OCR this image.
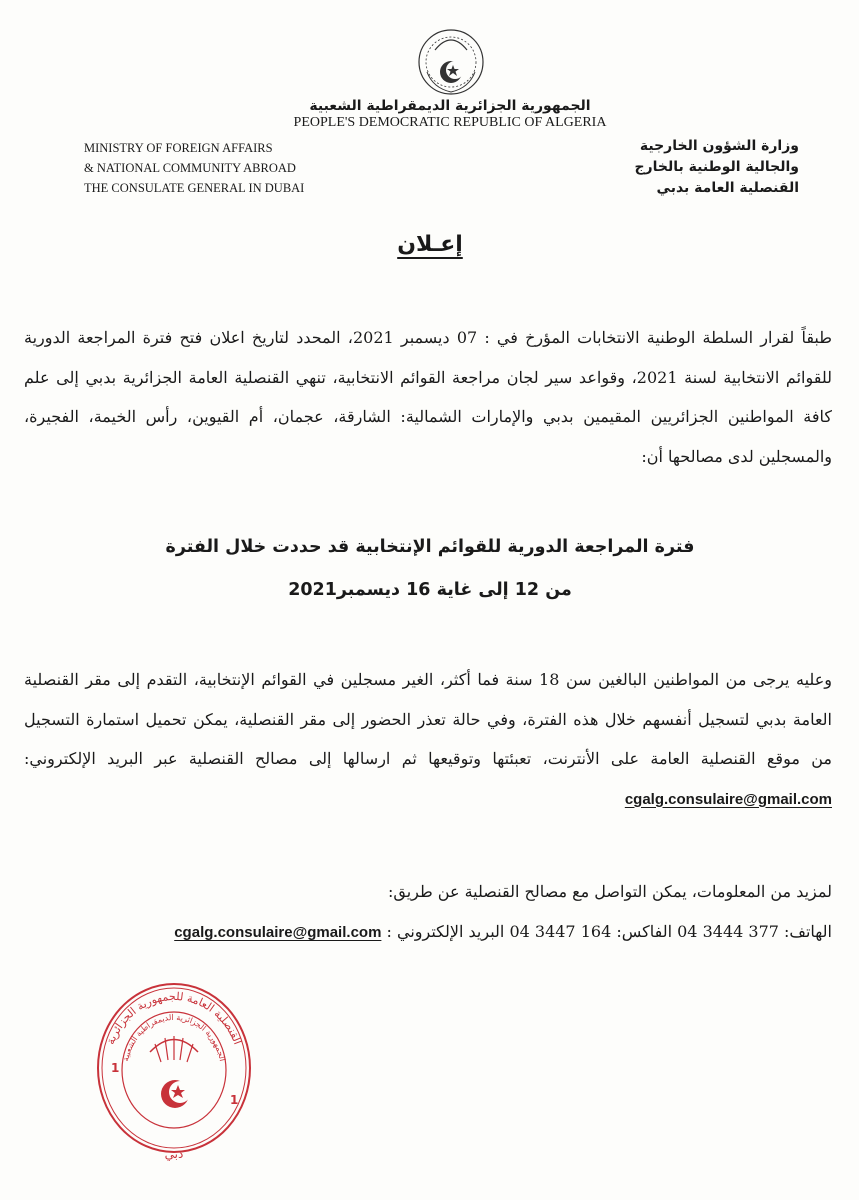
الجمهورية الجزائرية الديمقراطية الشعبية
PEOPLE'S DEMOCRATIC REPUBLIC OF ALGERIA
MINISTRY OF FOREIGN AFFAIRS
& NATIONAL COMMUNITY ABROAD
THE CONSULATE GENERAL IN DUBAI
وزارة الشؤون الخارجية
والجالية الوطنية بالخارج
القنصلية العامة بدبي
إعـلان
طبقاً لقرار السلطة الوطنية الانتخابات المؤرخ في : 07 ديسمبر 2021، المحدد لتاريخ اعلان فتح فترة المراجعة الدورية للقوائم الانتخابية لسنة 2021، وقواعد سير لجان مراجعة القوائم الانتخابية، تنهي القنصلية العامة الجزائرية بدبي إلى علم كافة المواطنين الجزائريين المقيمين بدبي والإمارات الشمالية: الشارقة، عجمان، أم القيوين، رأس الخيمة، الفجيرة، والمسجلين لدى مصالحها أن:
فترة المراجعة الدورية للقوائم الإنتخابية قد حددت خلال الفترة
من 12 إلى غاية 16 ديسمبر2021
وعليه يرجى من المواطنين البالغين سن 18 سنة فما أكثر، الغير مسجلين في القوائم الإنتخابية، التقدم إلى مقر القنصلية العامة بدبي لتسجيل أنفسهم خلال هذه الفترة، وفي حالة تعذر الحضور إلى مقر القنصلية، يمكن تحميل استمارة التسجيل من موقع القنصلية العامة على الأنترنت، تعبئتها وتوقيعها ثم ارسالها إلى مصالح القنصلية عبر البريد الإلكتروني: cgalg.consulaire@gmail.com
لمزيد من المعلومات، يمكن التواصل مع مصالح القنصلية عن طريق:
الهاتف: 377 3444 04 الفاكس: 164 3447 04 البريد الإلكتروني : cgalg.consulaire@gmail.com
القنصلية العامة للجمهورية الجزائرية
الجمهورية الجزائرية الديمقراطية الشعبية
1
1
دبي
